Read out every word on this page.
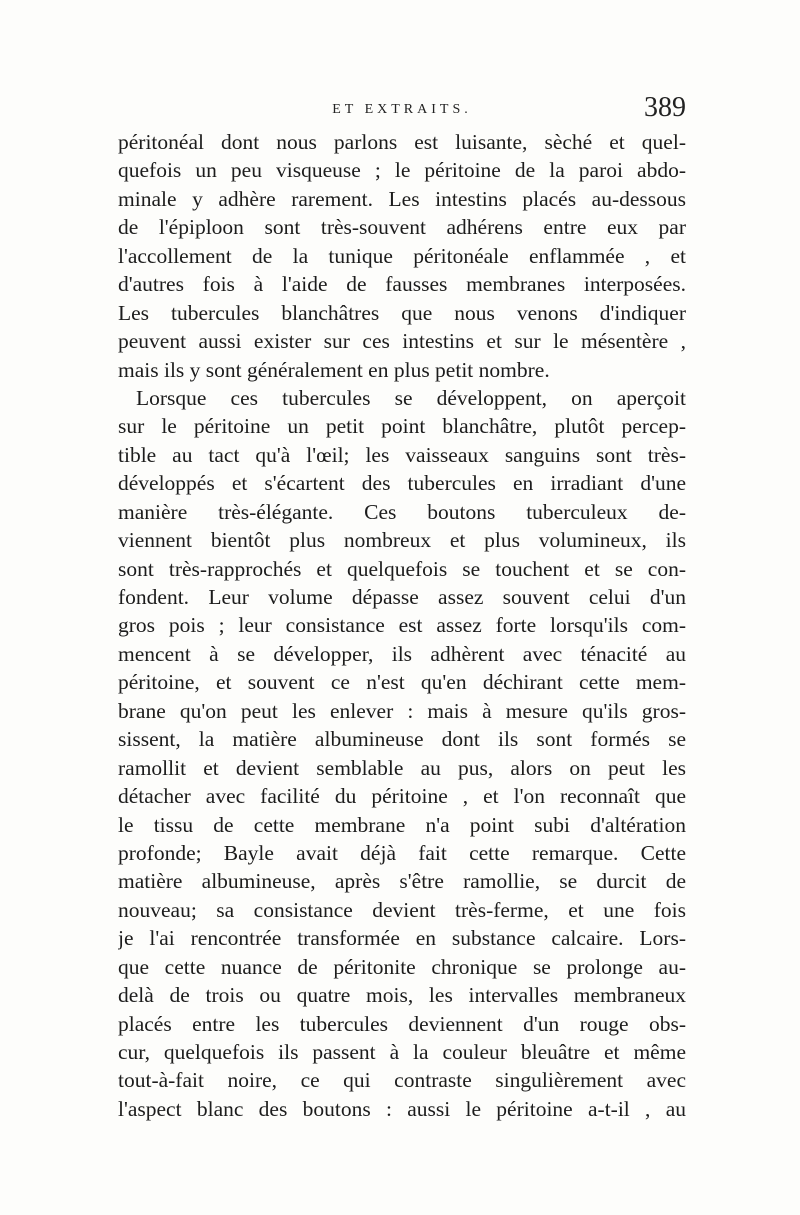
ET EXTRAITS.	389
péritonéal dont nous parlons est luisante, sèché et quel-
quefois un peu visqueuse ; le péritoine de la paroi abdo-
minale y adhère rarement. Les intestins placés au-dessous
de l'épiploon sont très-souvent adhérens entre eux par
l'accollement de la tunique péritonéale enflammée , et
d'autres fois à l'aide de fausses membranes interposées.
Les tubercules blanchâtres que nous venons d'indiquer
peuvent aussi exister sur ces intestins et sur le mésentère ,
mais ils y sont généralement en plus petit nombre.
Lorsque ces tubercules se développent, on aperçoit
sur le péritoine un petit point blanchâtre, plutôt percep-
tible au tact qu'à l'œil; les vaisseaux sanguins sont très-
développés et s'écartent des tubercules en irradiant d'une
manière très-élégante. Ces boutons tuberculeux de-
viennent bientôt plus nombreux et plus volumineux, ils
sont très-rapprochés et quelquefois se touchent et se con-
fondent. Leur volume dépasse assez souvent celui d'un
gros pois ; leur consistance est assez forte lorsqu'ils com-
mencent à se développer, ils adhèrent avec ténacité au
péritoine, et souvent ce n'est qu'en déchirant cette mem-
brane qu'on peut les enlever : mais à mesure qu'ils gros-
sissent, la matière albumineuse dont ils sont formés se
ramollit et devient semblable au pus, alors on peut les
détacher avec facilité du péritoine , et l'on reconnaît que
le tissu de cette membrane n'a point subi d'altération
profonde; Bayle avait déjà fait cette remarque. Cette
matière albumineuse, après s'être ramollie, se durcit de
nouveau; sa consistance devient très-ferme, et une fois
je l'ai rencontrée transformée en substance calcaire. Lors-
que cette nuance de péritonite chronique se prolonge au-
delà de trois ou quatre mois, les intervalles membraneux
placés entre les tubercules deviennent d'un rouge obs-
cur, quelquefois ils passent à la couleur bleuâtre et même
tout-à-fait noire, ce qui contraste singulièrement avec
l'aspect blanc des boutons : aussi le péritoine a-t-il , au
